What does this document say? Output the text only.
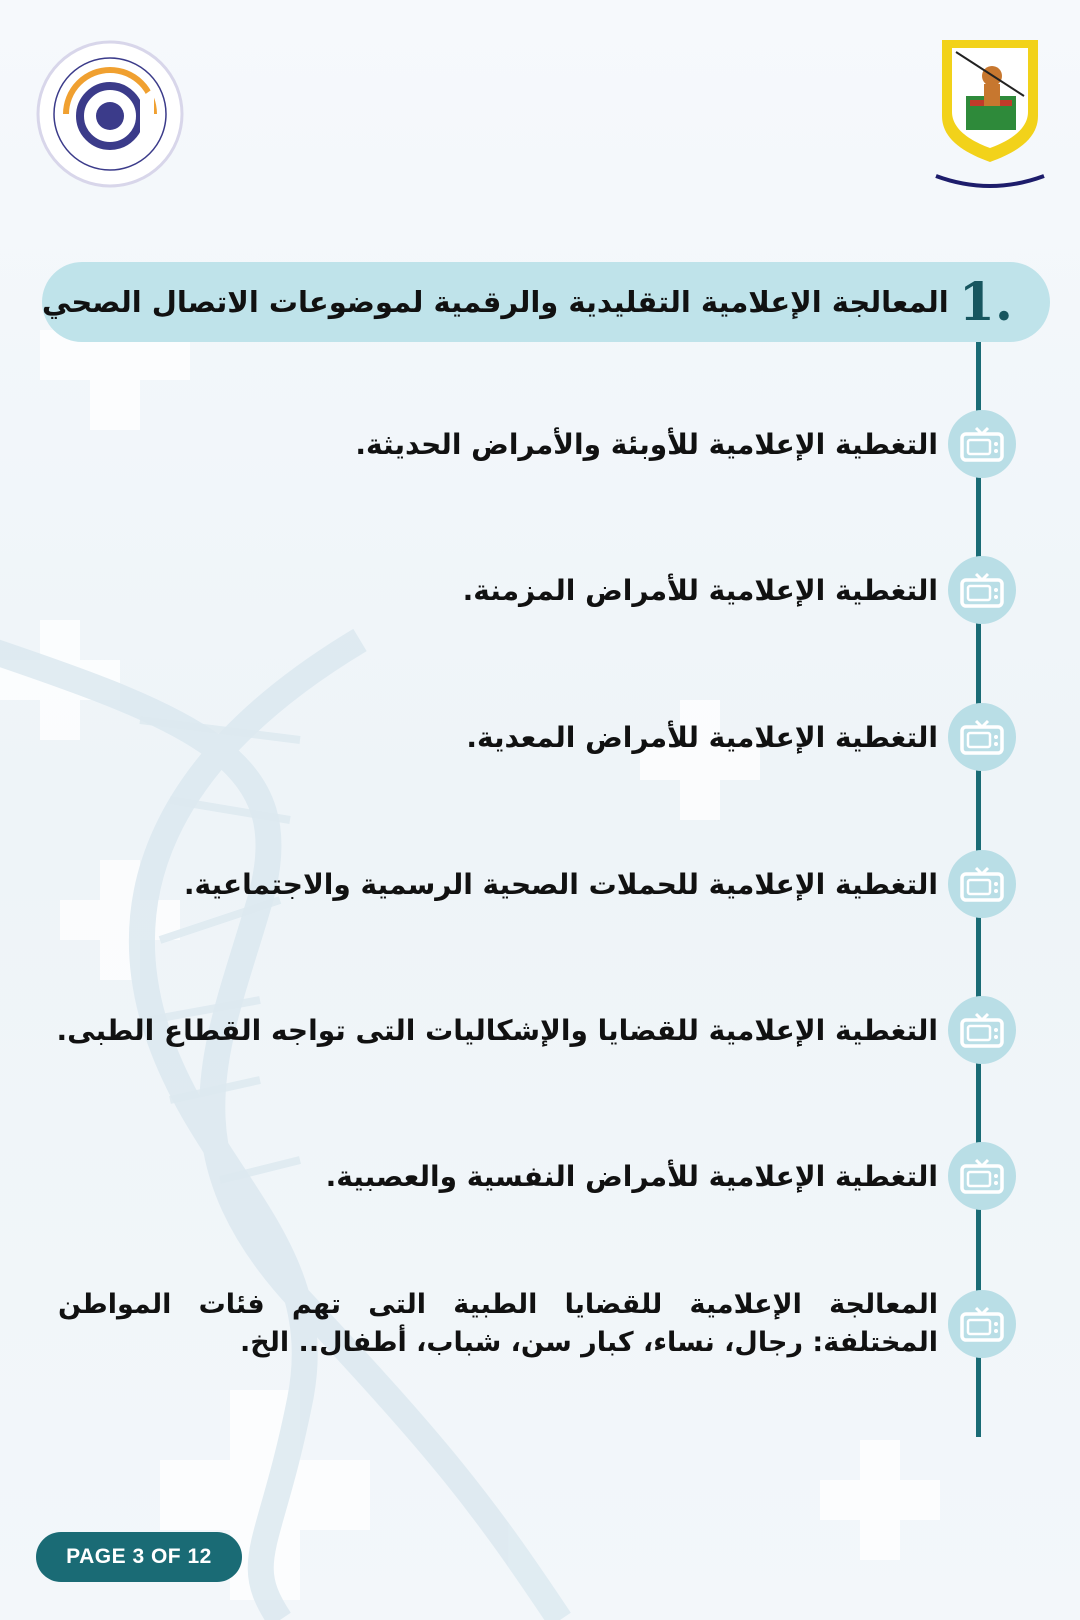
1.
المعالجة الإعلامية التقليدية والرقمية لموضوعات الاتصال الصحي
التغطية الإعلامية للأوبئة والأمراض الحديثة.
التغطية الإعلامية للأمراض المزمنة.
التغطية الإعلامية للأمراض المعدية.
التغطية الإعلامية للحملات الصحية الرسمية والاجتماعية.
التغطية الإعلامية للقضايا والإشكاليات التى تواجه القطاع الطبى.
التغطية الإعلامية للأمراض النفسية والعصبية.
المعالجة الإعلامية للقضايا الطبية التى تهم فئات المواطن المختلفة: رجال، نساء، كبار سن، شباب، أطفال.. الخ.
PAGE 3 OF 12
